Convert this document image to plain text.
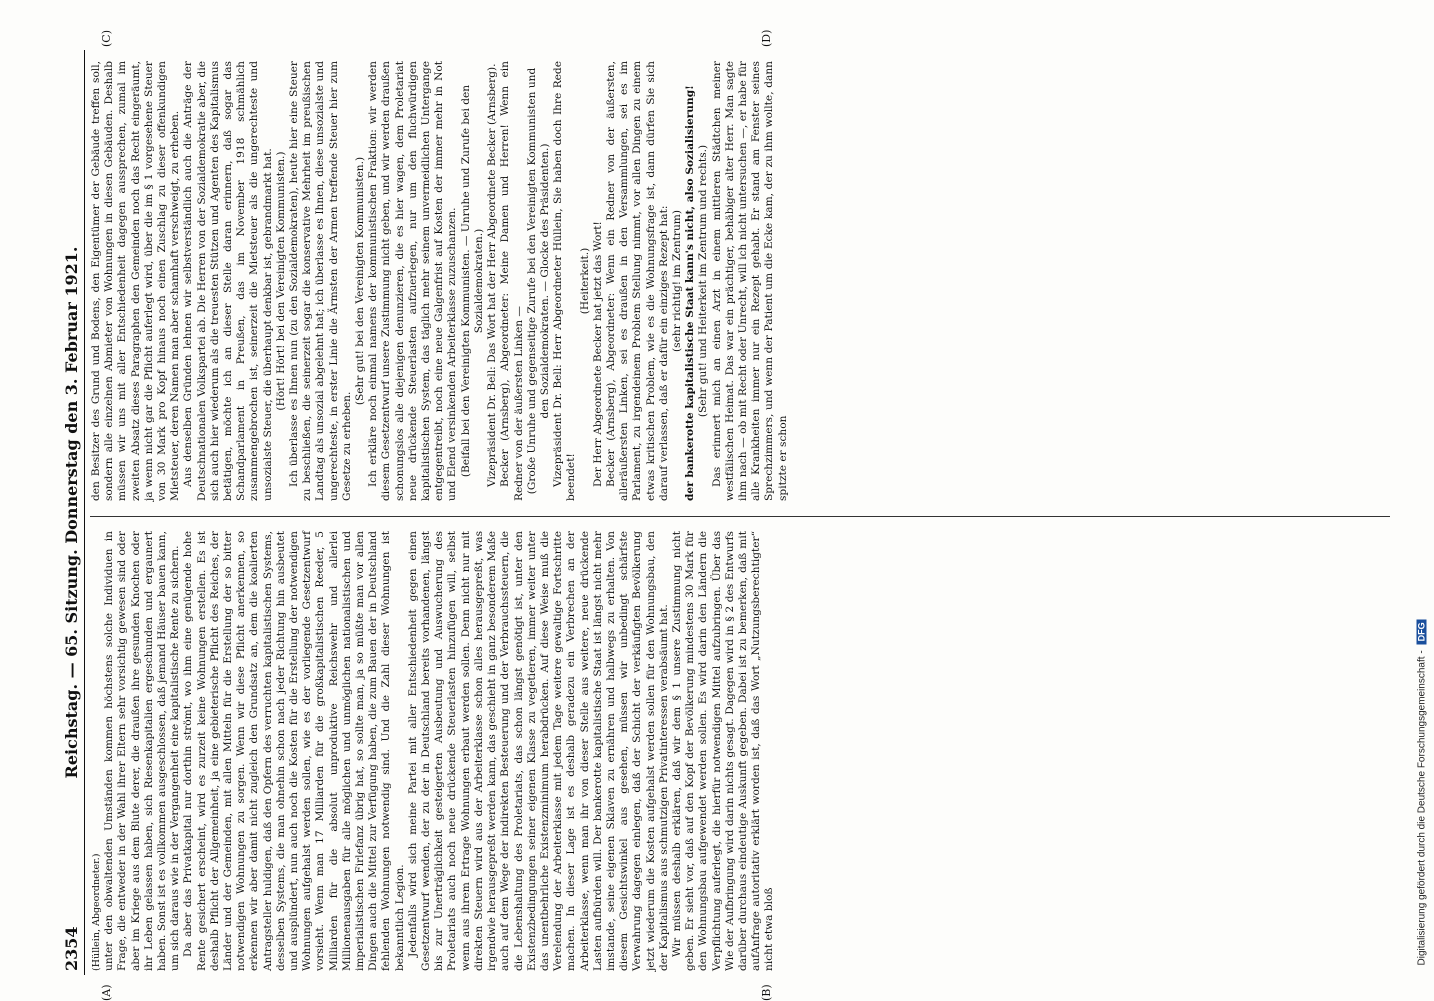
2354
Reichstag. — 65. Sitzung. Donnerstag den 3. Februar 1921.
(A)	(B)
(C)	(D)

(Hüllein, Abgeordneter.) unter den obwaltenden Umständen kommen höchstens solche Individuen in Frage, die entweder in der Wahl ihrer Eltern sehr vorsichtig gewesen sind oder aber im Kriege aus dem Blute derer, die draußen ihre gesunden Knochen oder ihr Leben gelassen haben, sich Riesenkapitalien ergeschunden und ergaunert haben. Sonst ist es vollkommen ausgeschlossen, daß jemand Häuser bauen kann, um sich daraus wie in der Vergangenheit eine kapitalistische Rente zu sichern. Da aber das Privatkapital nur dorthin strömt, wo ihm eine genügende hohe Rente gesichert erscheint, wird es zurzeit keine Wohnungen erstellen. Es ist deshalb Pflicht der Allgemeinheit, ja eine gebieterische Pflicht des Reiches, der Länder und der Gemeinden, mit allen Mitteln für die Erstellung der so bitter notwendigen Wohnungen zu sorgen. Wenn wir diese Pflicht anerkennen, so erkennen wir aber damit nicht zugleich den Grundsatz an, dem die koalierten Antragsteller huldigen, daß den Opfern des verruchten kapitalistischen Systems, desselben Systems, die man ohnehin schon nach jeder Richtung hin ausbeutet und ausplündert, nun auch noch die Kosten für die Erstellung der notwendigen Wohnungen aufgehalst werden sollen, wie es der vorliegende Gesetzentwurf vorsieht. Wenn man 17 Milliarden für die großkapitalistischen Reeder, 5 Milliarden für die absolut unproduktive Reichswehr und allerlei Millionenausgaben für alle möglichen und unmöglichen nationalistischen und imperialistischen Firlefanz übrig hat, so sollte man, ja so müßte man vor allen Dingen auch die Mittel zur Verfügung haben, die zum Bauen der in Deutschland fehlenden Wohnungen notwendig sind. Und die Zahl dieser Wohnungen ist bekanntlich Legion. Jedenfalls wird sich meine Partei mit aller Entschiedenheit gegen einen Gesetzentwurf wenden, der zu der in Deutschland bereits vorhandenen, längst bis zur Unerträglichkeit gesteigerten Ausbeutung und Auswucherung des Proletariats auch noch neue drückende Steuerlasten hinzufügen will, selbst wenn aus ihrem Ertrage Wohnungen erbaut werden sollen. Denn nicht nur mit direkten Steuern wird aus der Arbeiterklasse schon alles herausgepreßt, was irgendwie herausgepreßt werden kann, das geschieht in ganz besonderem Maße auch auf dem Wege der indirekten Besteuerung und der Verbrauchssteuern, die die Lebenshaltung des Proletariats, das schon längst genötigt ist, unter den Existenzbedingungen seiner eigenen Klasse zu vegetieren, immer weiter unter das unentbehrliche Existenzminimum herabdrücken. Auf diese Weise muß die Verelendung der Arbeiterklasse mit jedem Tage weitere gewaltige Fortschritte machen. In dieser Lage ist es deshalb geradezu ein Verbrechen an der Arbeiterklasse, wenn man ihr von dieser Stelle aus weitere, neue drückende Lasten aufbürden will. Der bankerotte kapitalistische Staat ist längst nicht mehr imstande, seine eigenen Sklaven zu ernähren und halbwegs zu erhalten. Von diesem Gesichtswinkel aus gesehen, müssen wir unbedingt schärfste Verwahrung dagegen einlegen, daß der Schicht der verkäufigten Bevölkerung jetzt wiederum die Kosten aufgehalst werden sollen für den Wohnungsbau, den der Kapitalismus aus schmutzigen Privatinteressen verabsäumt hat. Wir müssen deshalb erklären, daß wir dem § 1 unsere Zustimmung nicht geben. Er sieht vor, daß auf den Kopf der Bevölkerung mindestens 30 Mark für den Wohnungsbau aufgewendet werden sollen. Es wird darin den Ländern die Verpflichtung auferlegt, die hierfür notwendigen Mittel aufzubringen. Über das Wie der Aufbringung wird darin nichts gesagt. Dagegen wird in § 2 des Entwurfs darüber durchaus eindeutige Auskunft gegeben. Dabei ist zu bemerken, daß mit aufAnfrage autoritativ erklärt worden ist, daß das Wort „Nutzungsberechtigter“ nicht etwa bloß

den Besitzer des Grund und Bodens, den Eigentümer der Gebäude treffen soll, sondern alle einzelnen Abmieter von Wohnungen in diesen Gebäuden. Deshalb müssen wir uns mit aller Entschiedenheit dagegen aussprechen, zumal im zweiten Absatz dieses Paragraphen den Gemeinden noch das Recht eingeräumt, ja wenn nicht gar die Pflicht auferlegt wird, über die im § 1 vorgesehene Steuer von 30 Mark pro Kopf hinaus noch einen Zuschlag zu dieser offenkundigen Mietsteuer, deren Namen man aber schamhaft verschweigt, zu erheben. Aus denselben Gründen lehnen wir selbstverständlich auch die Anträge der Deutschnationalen Volkspartei ab. Die Herren von der Sozialdemokratie aber, die sich auch hier wiederum als die treuesten Stützen und Agenten des Kapitalismus betätigen, möchte ich an dieser Stelle daran erinnern, daß sogar das Schandparlament in Preußen, das im November 1918 schmählich zusammengebrochen ist, seinerzeit die Mietsteuer als die ungerechteste und unsozialste Steuer, die überhaupt denkbar ist, gebrandmarkt hat. (Hört! Hört! bei den Vereinigten Kommunisten.) Ich überlasse es Ihnen nun (zu den Sozialdemokraten), heute hier eine Steuer zu beschließen, die seinerzeit sogar die konservative Mehrheit im preußischen Landtag als unsozial abgelehnt hat; ich überlasse es Ihnen, diese unsozialste und ungerechteste, in erster Linie die Ärmsten der Armen treffende Steuer hier zum Gesetze zu erheben.

(Sehr gut! bei den Vereinigten Kommunisten.) Ich erkläre noch einmal namens der kommunistischen Fraktion: wir werden diesem Gesetzentwurf unsere Zustimmung nicht geben, und wir werden draußen schonungslos alle diejenigen denunzieren, die es hier wagen, dem Proletariat neue drückende Steuerlasten aufzuerlegen, nur um den fluchwürdigen kapitalistischen System, das täglich mehr seinem unvermeidlichen Untergange entgegentreibt, noch eine neue Galgenfrist auf Kosten der immer mehr in Not und Elend versinkenden Arbeiterklasse zuzuschanzen. (Beifall bei den Vereinigten Kommunisten. — Unruhe und Zurufe bei den Sozialdemokraten.) Vizepräsident Dr. Bell: Das Wort hat der Herr Abgeordnete Becker (Arnsberg). Becker (Arnsberg), Abgeordneter: Meine Damen und Herren! Wenn ein Redner von der äußersten Linken — (Große Unruhe und gegenseitige Zurufe bei den Vereinigten Kommunisten und den Sozialdemokraten. — Glocke des Präsidenten.) Vizepräsident Dr. Bell: Herr Abgeordneter Hüllein, Sie haben doch Ihre Rede beendet!

(Heiterkeit.) Der Herr Abgeordnete Becker hat jetzt das Wort! Becker (Arnsberg), Abgeordneter: Wenn ein Redner von der äußersten, alleräußersten Linken, sei es draußen in den Versammlungen, sei es im Parlament, zu irgendeinem Problem Stellung nimmt, vor allen Dingen zu einem etwas kritischen Problem, wie es die Wohnungsfrage ist, dann dürfen Sie sich darauf verlassen, daß er dafür ein einziges Rezept hat: (sehr richtig! im Zentrum) der bankerotte kapitalistische Staat kann's nicht, also Sozialisierung! (Sehr gut! und Heiterkeit im Zentrum und rechts.) Das erinnert mich an einen Arzt in einem mittleren Städtchen meiner westfälischen Heimat. Das war ein prächtiger, behäbiger alter Herr. Man sagte ihm nach — ob mit Recht oder Unrecht, will ich nicht untersuchen —, er habe für alle Krankheiten immer nur ein Rezept gehabt. Er stand am Fenster seines Sprechzimmers, und wenn der Patient um die Ecke kam, der zu ihm wollte, dann spitzte er schon

Digitalisierung gefördert durch die Deutsche Forschungsgemeinschaft -DFG
